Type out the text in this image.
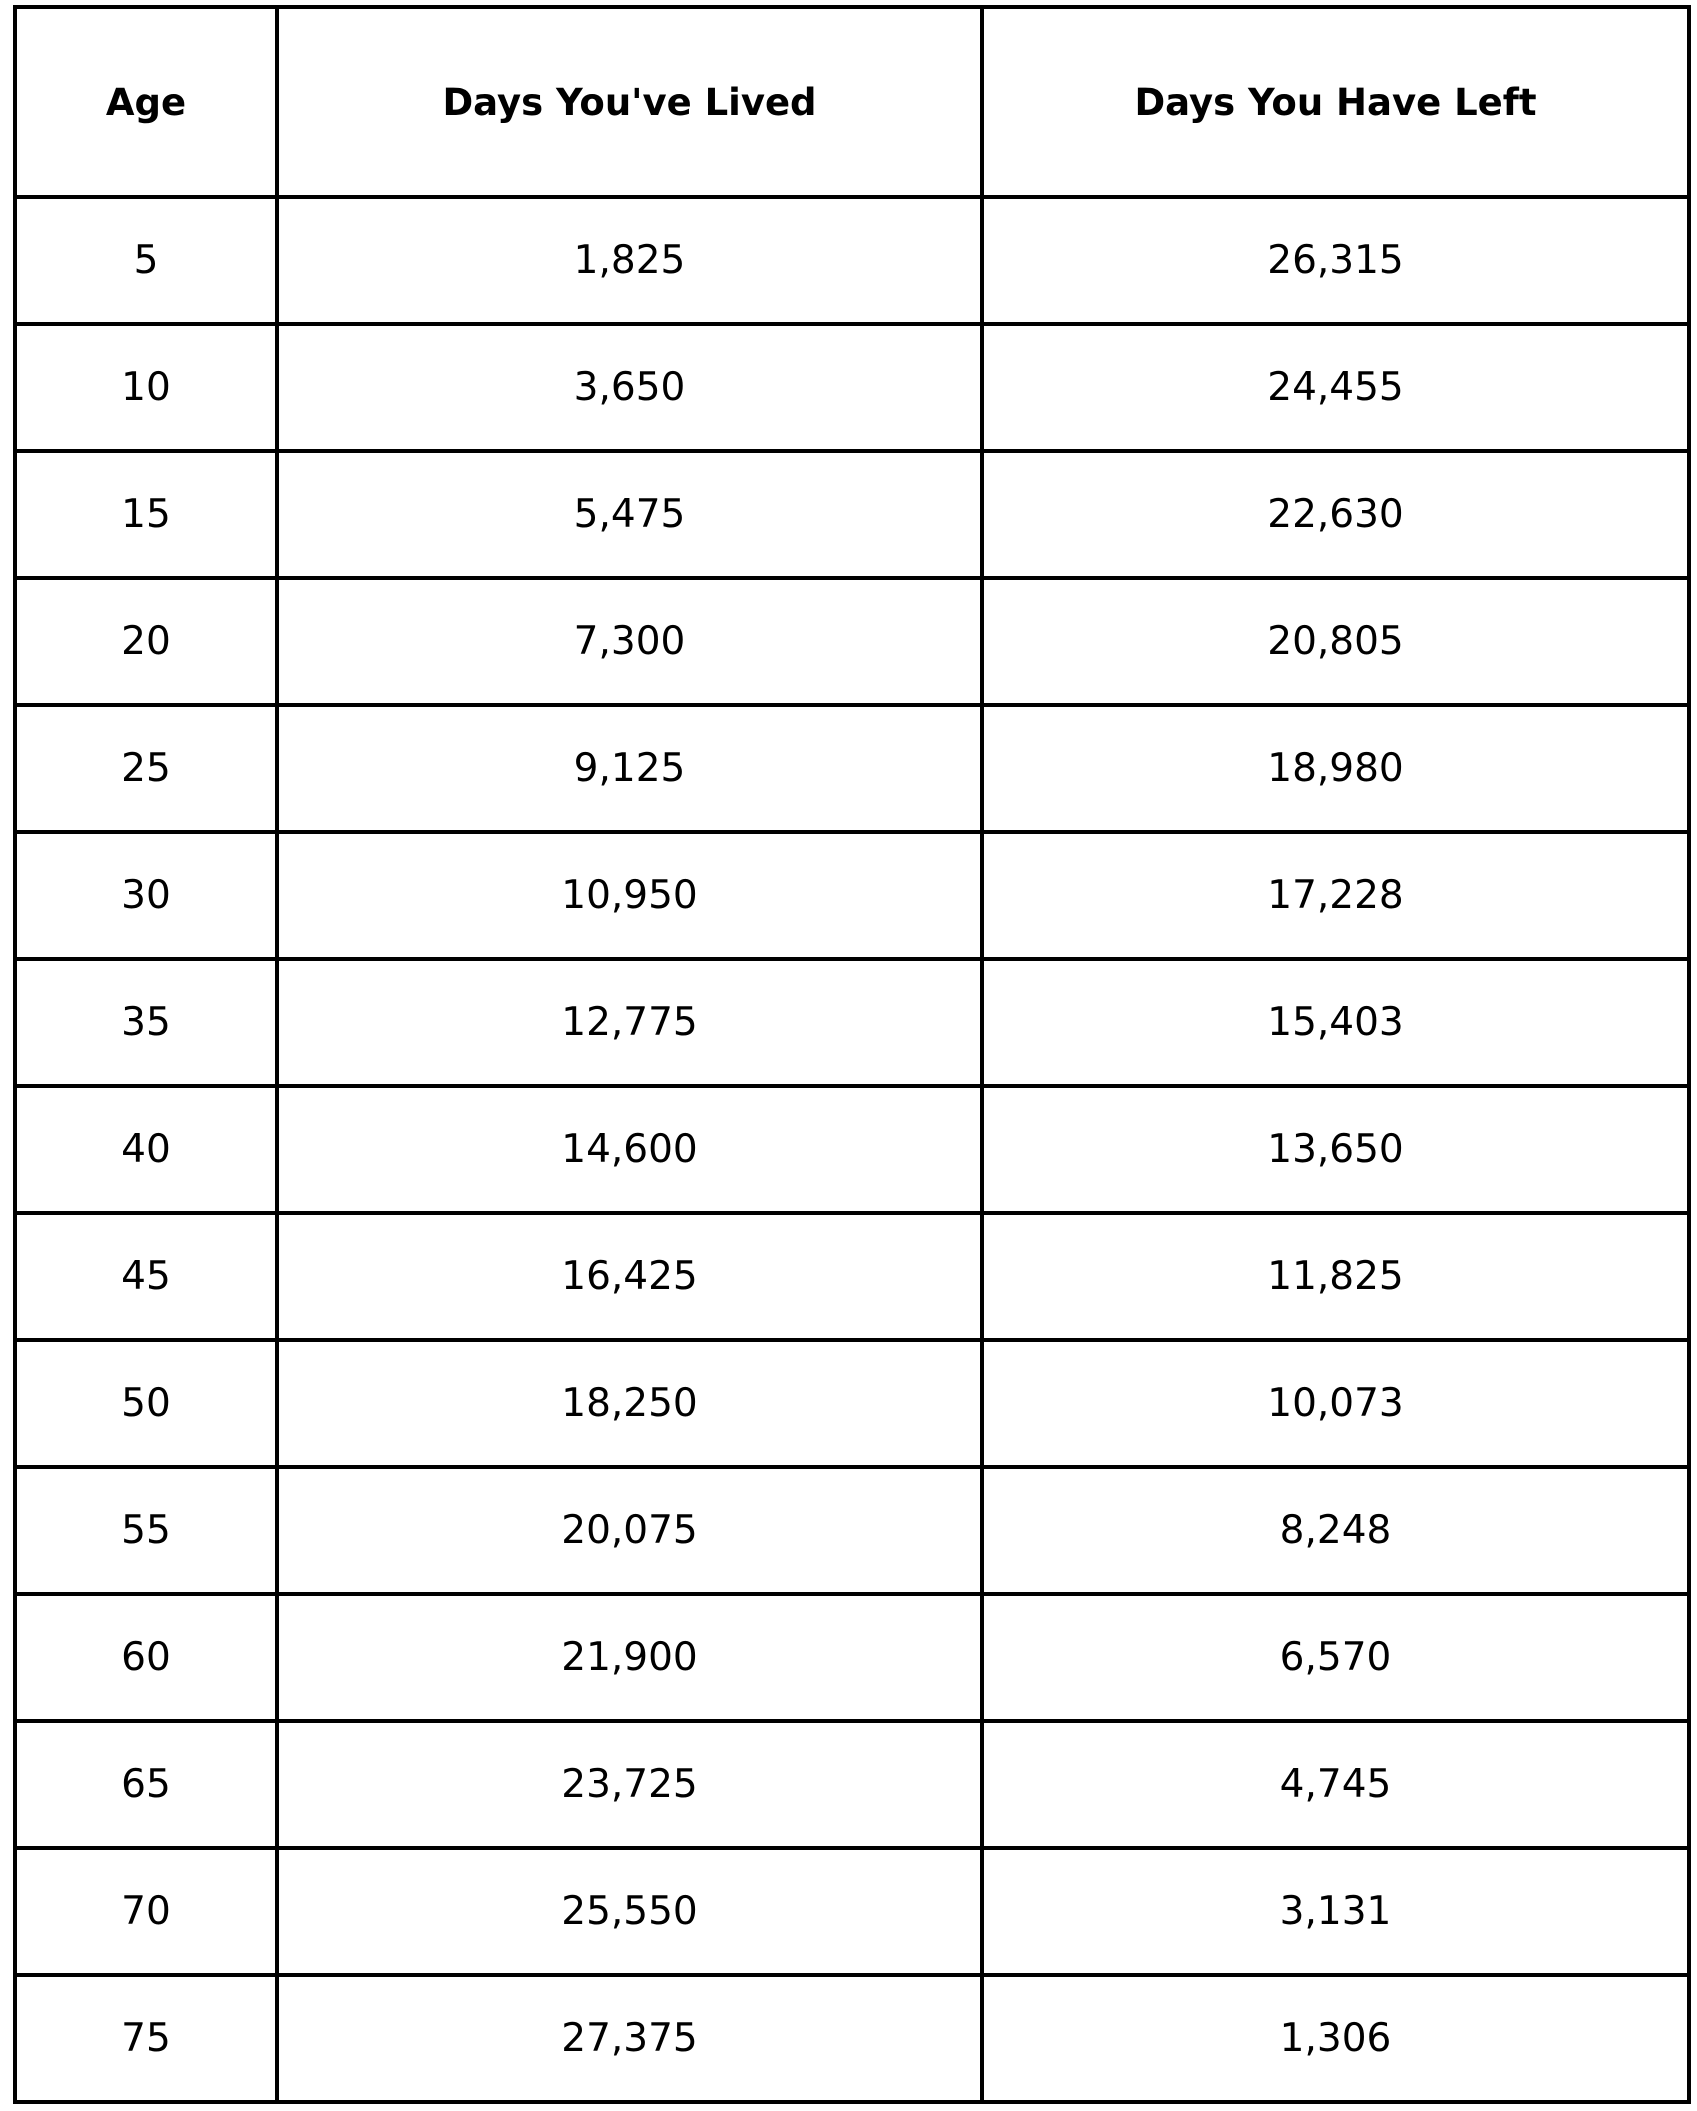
Age	Days You've Lived	Days You Have Left
5	1,825	26,315
10	3,650	24,455
15	5,475	22,630
20	7,300	20,805
25	9,125	18,980
30	10,950	17,228
35	12,775	15,403
40	14,600	13,650
45	16,425	11,825
50	18,250	10,073
55	20,075	8,248
60	21,900	6,570
65	23,725	4,745
70	25,550	3,131
75	27,375	1,306
